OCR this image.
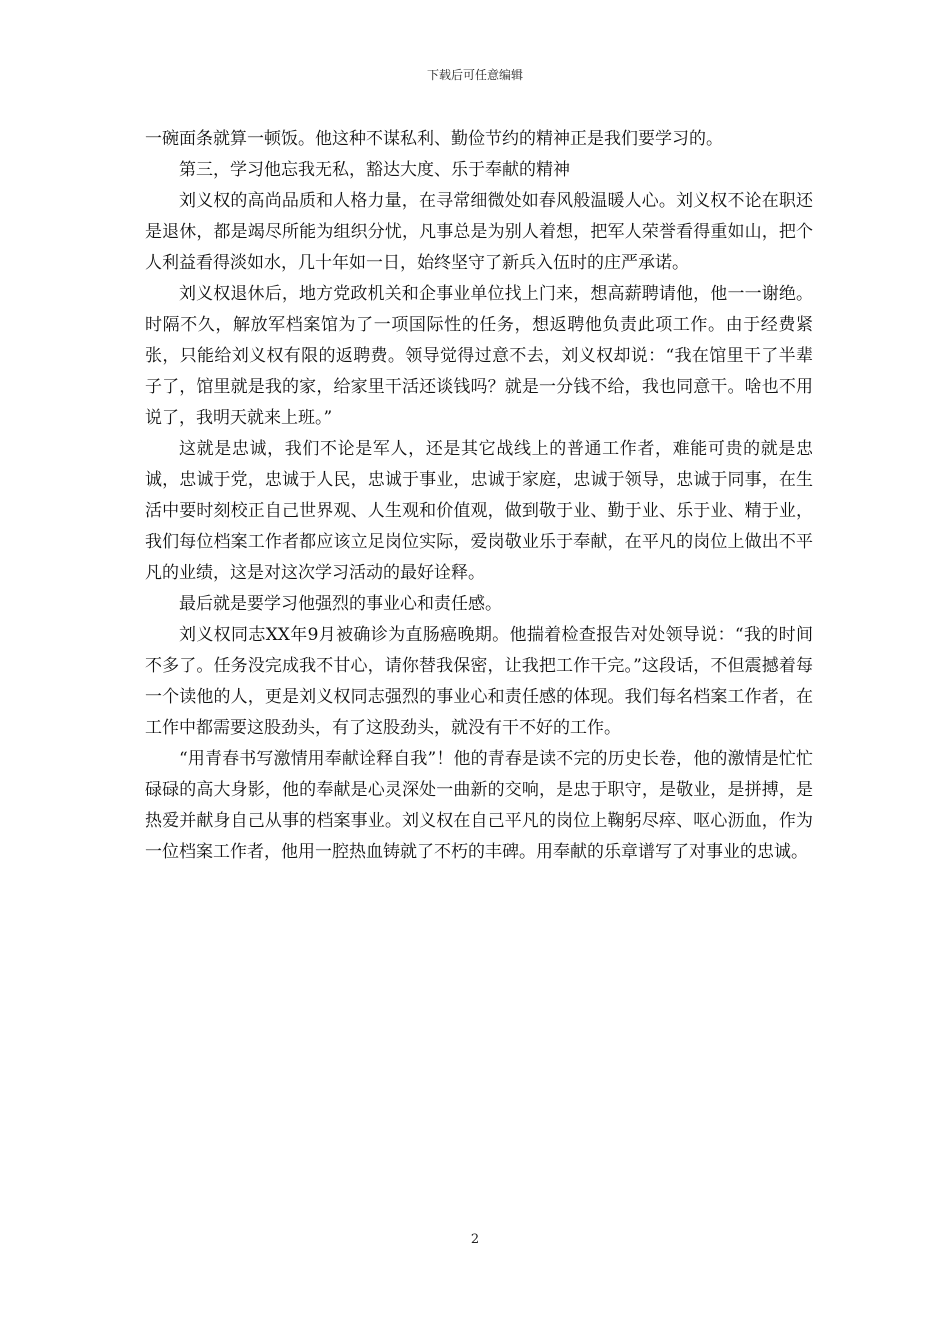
下载后可任意编辑

一碗面条就算一顿饭。他这种不谋私利、勤俭节约的精神正是我们要学习的。

第三，学习他忘我无私，豁达大度、乐于奉献的精神

刘义权的高尚品质和人格力量，在寻常细微处如春风般温暖人心。刘义权不论在职还是退休，都是竭尽所能为组织分忧，凡事总是为别人着想，把军人荣誉看得重如山，把个人利益看得淡如水，几十年如一日，始终坚守了新兵入伍时的庄严承诺。

刘义权退休后，地方党政机关和企事业单位找上门来，想高薪聘请他，他一一谢绝。时隔不久，解放军档案馆为了一项国际性的任务，想返聘他负责此项工作。由于经费紧张，只能给刘义权有限的返聘费。领导觉得过意不去，刘义权却说：“我在馆里干了半辈子了，馆里就是我的家，给家里干活还谈钱吗？就是一分钱不给，我也同意干。啥也不用说了，我明天就来上班。”

这就是忠诚，我们不论是军人，还是其它战线上的普通工作者，难能可贵的就是忠诚，忠诚于党，忠诚于人民，忠诚于事业，忠诚于家庭，忠诚于领导，忠诚于同事，在生活中要时刻校正自己世界观、人生观和价值观，做到敬于业、勤于业、乐于业、精于业，我们每位档案工作者都应该立足岗位实际，爱岗敬业乐于奉献，在平凡的岗位上做出不平凡的业绩，这是对这次学习活动的最好诠释。

最后就是要学习他强烈的事业心和责任感。

刘义权同志XX年9月被确诊为直肠癌晚期。他揣着检查报告对处领导说：“我的时间不多了。任务没完成我不甘心，请你替我保密，让我把工作干完。”这段话，不但震撼着每一个读他的人，更是刘义权同志强烈的事业心和责任感的体现。我们每名档案工作者，在工作中都需要这股劲头，有了这股劲头，就没有干不好的工作。

“用青春书写激情用奉献诠释自我”！他的青春是读不完的历史长卷，他的激情是忙忙碌碌的高大身影，他的奉献是心灵深处一曲新的交响，是忠于职守，是敬业，是拼搏，是热爱并献身自己从事的档案事业。刘义权在自己平凡的岗位上鞠躬尽瘁、呕心沥血，作为一位档案工作者，他用一腔热血铸就了不朽的丰碑。用奉献的乐章谱写了对事业的忠诚。

2
